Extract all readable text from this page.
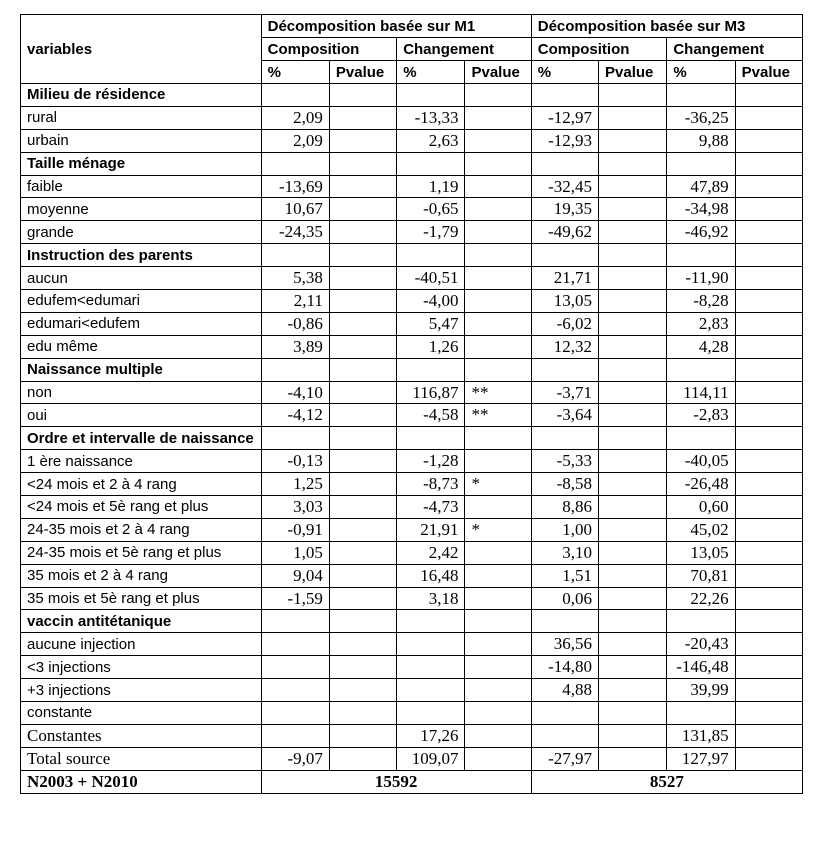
variables	Décomposition basée sur M1				Décomposition basée sur M3			
	Composition		Changement		Composition		Changement	
	%	Pvalue	%	Pvalue	%	Pvalue	%	Pvalue
Milieu de résidence								
rural	2,09		-13,33		-12,97		-36,25	
urbain	2,09		2,63		-12,93		9,88	
Taille ménage								
faible	-13,69		1,19		-32,45		47,89	
moyenne	10,67		-0,65		19,35		-34,98	
grande	-24,35		-1,79		-49,62		-46,92	
Instruction des parents								
aucun	5,38		-40,51		21,71		-11,90	
edufem<edumari	2,11		-4,00		13,05		-8,28	
edumari<edufem	-0,86		5,47		-6,02		2,83	
edu même	3,89		1,26		12,32		4,28	
Naissance multiple								
non	-4,10		116,87	**	-3,71		114,11	
oui	-4,12		-4,58	**	-3,64		-2,83	
Ordre et intervalle de naissance								
1 ère naissance	-0,13		-1,28		-5,33		-40,05	
<24 mois et 2 à 4 rang	1,25		-8,73	*	-8,58		-26,48	
<24 mois et 5è rang et plus	3,03		-4,73		8,86		0,60	
24-35 mois et 2 à 4 rang	-0,91		21,91	*	1,00		45,02	
24-35 mois et 5è rang et plus	1,05		2,42		3,10		13,05	
35 mois et 2 à 4 rang	9,04		16,48		1,51		70,81	
35 mois et 5è rang et plus	-1,59		3,18		0,06		22,26	
vaccin antitétanique								
aucune injection					36,56		-20,43	
<3 injections					-14,80		-146,48	
+3 injections					4,88		39,99	
constante								
Constantes			17,26				131,85	
Total source	-9,07		109,07		-27,97		127,97	
N2003 + N2010	15592				8527			
